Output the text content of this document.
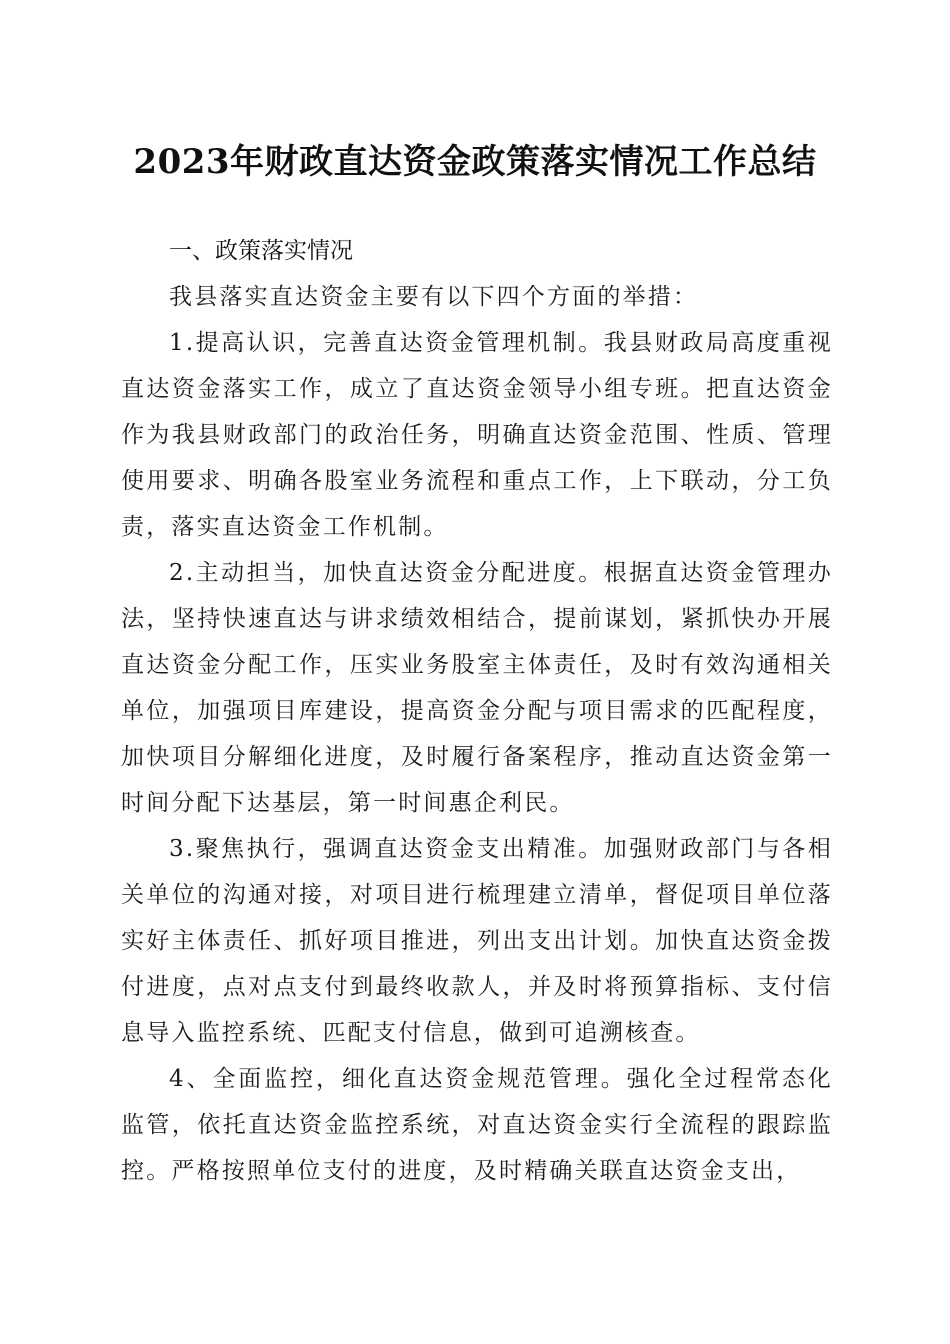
2023年财政直达资金政策落实情况工作总结
一、政策落实情况

我县落实直达资金主要有以下四个方面的举措：

1.提高认识，完善直达资金管理机制。我县财政局高度重视直达资金落实工作，成立了直达资金领导小组专班。把直达资金作为我县财政部门的政治任务，明确直达资金范围、性质、管理使用要求、明确各股室业务流程和重点工作，上下联动，分工负责，落实直达资金工作机制。

2.主动担当，加快直达资金分配进度。根据直达资金管理办法，坚持快速直达与讲求绩效相结合，提前谋划，紧抓快办开展直达资金分配工作，压实业务股室主体责任，及时有效沟通相关单位，加强项目库建设，提高资金分配与项目需求的匹配程度，加快项目分解细化进度，及时履行备案程序，推动直达资金第一时间分配下达基层，第一时间惠企利民。

3.聚焦执行，强调直达资金支出精准。加强财政部门与各相关单位的沟通对接，对项目进行梳理建立清单，督促项目单位落实好主体责任、抓好项目推进，列出支出计划。加快直达资金拨付进度，点对点支付到最终收款人，并及时将预算指标、支付信息导入监控系统、匹配支付信息，做到可追溯核查。

4、全面监控，细化直达资金规范管理。强化全过程常态化监管，依托直达资金监控系统，对直达资金实行全流程的跟踪监控。严格按照单位支付的进度，及时精确关联直达资金支出，
